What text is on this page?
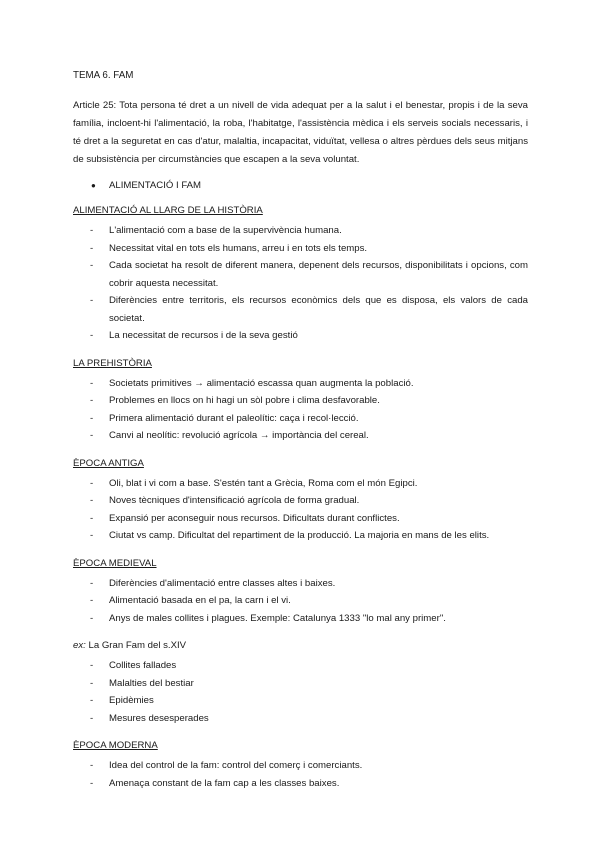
TEMA 6. FAM
Article 25: Tota persona té dret a un nivell de vida adequat per a la salut i el benestar, propis i de la seva família, incloent-hi l'alimentació, la roba, l'habitatge, l'assistència mèdica i els serveis socials necessaris, i té dret a la seguretat en cas d'atur, malaltia, incapacitat, viduïtat, vellesa o altres pèrdues dels seus mitjans de subsistència per circumstàncies que escapen a la seva voluntat.
●	ALIMENTACIÓ I FAM
ALIMENTACIÓ AL LLARG DE LA HISTÒRIA
-	L'alimentació com a base de la supervivència humana.
-	Necessitat vital en tots els humans, arreu i en tots els temps.
-	Cada societat ha resolt de diferent manera, depenent dels recursos, disponibilitats i opcions, com cobrir aquesta necessitat.
-	Diferències entre territoris, els recursos econòmics dels que es disposa, els valors de cada societat.
-	La necessitat de recursos i de la seva gestió
LA PREHISTÒRIA
-	Societats primitives → alimentació escassa quan augmenta la població.
-	Problemes en llocs on hi hagi un sòl pobre i clima desfavorable.
-	Primera alimentació durant el paleolític: caça i recol·lecció.
-	Canvi al neolític: revolució agrícola → importància del cereal.
ÈPOCA ANTIGA
-	Oli, blat i vi com a base. S'estén tant a Grècia, Roma com el món Egipci.
-	Noves tècniques d'intensificació agrícola de forma gradual.
-	Expansió per aconseguir nous recursos. Dificultats durant conflictes.
-	Ciutat vs camp. Dificultat del repartiment de la producció. La majoria en mans de les elits.
ÈPOCA MEDIEVAL
-	Diferències d'alimentació entre classes altes i baixes.
-	Alimentació basada en el pa, la carn i el vi.
-	Anys de males collites i plagues. Exemple: Catalunya 1333 "lo mal any primer".
ex: La Gran Fam del s.XIV
-	Collites fallades
-	Malalties del bestiar
-	Epidèmies
-	Mesures desesperades
ÈPOCA MODERNA
-	Idea del control de la fam: control del comerç i comerciants.
-	Amenaça constant de la fam cap a les classes baixes.
